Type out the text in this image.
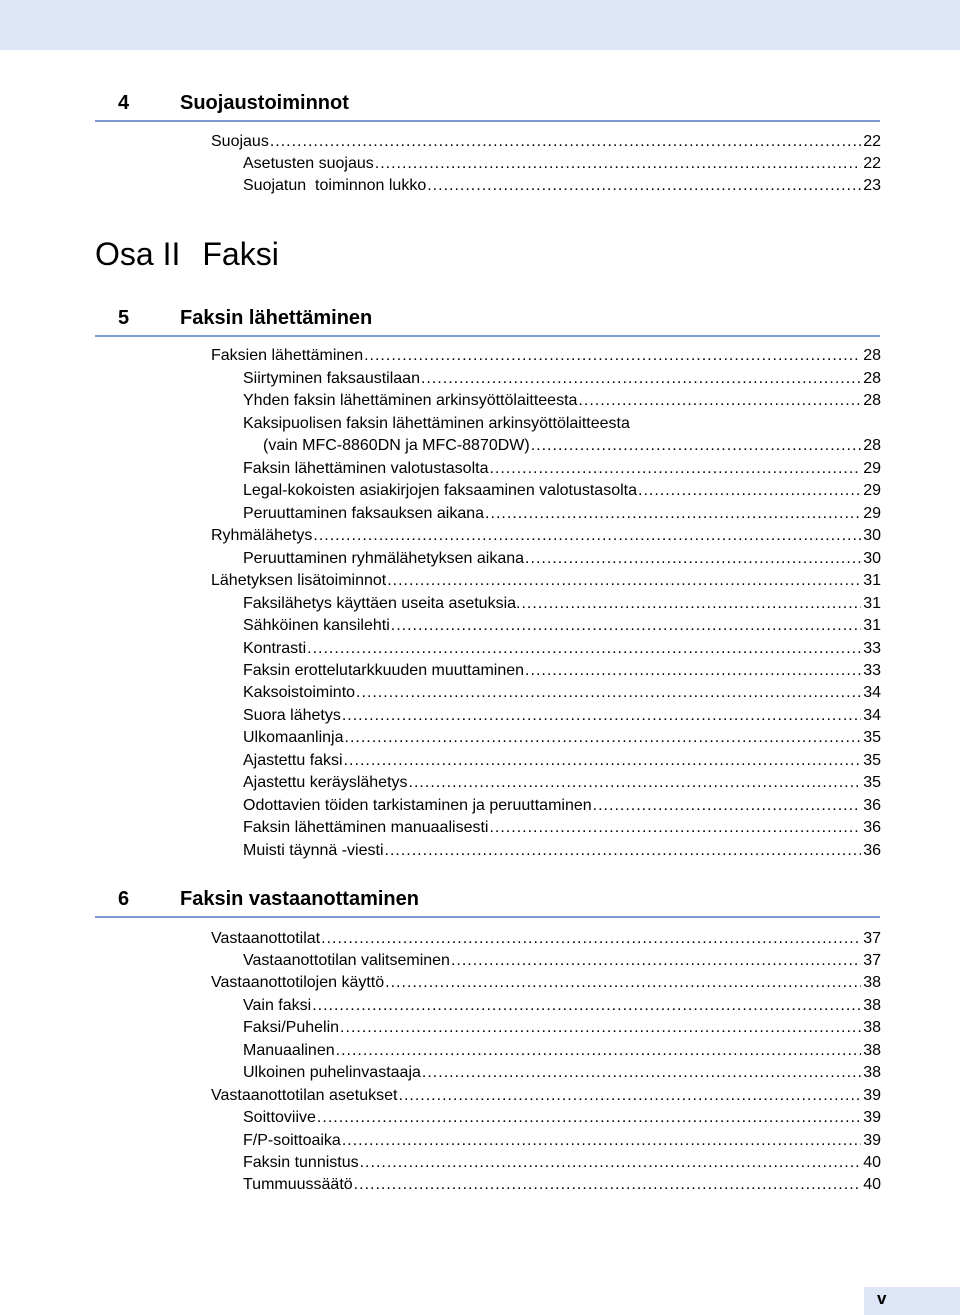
4	Suojaustoiminnot
Suojaus .....	22
Asetusten suojaus .....	22
Suojatun  toiminnon lukko .....	23
Osa II Faksi
5	Faksin lähettäminen
Faksien lähettäminen .....	28
Siirtyminen faksaustilaan .....	28
Yhden faksin lähettäminen arkinsyöttölaitteesta .....	28
Kaksipuolisen faksin lähettäminen arkinsyöttölaitteesta
(vain MFC-8860DN ja MFC-8870DW) .....	28
Faksin lähettäminen valotustasolta .....	29
Legal-kokoisten asiakirjojen faksaaminen valotustasolta .....	29
Peruuttaminen faksauksen aikana .....	29
Ryhmälähetys .....	30
Peruuttaminen ryhmälähetyksen aikana .....	30
Lähetyksen lisätoiminnot .....	31
Faksilähetys käyttäen useita asetuksia. .....	31
Sähköinen kansilehti .....	31
Kontrasti .....	33
Faksin erottelutarkkuuden muuttaminen .....	33
Kaksoistoiminto .....	34
Suora lähetys .....	34
Ulkomaanlinja .....	35
Ajastettu faksi .....	35
Ajastettu keräyslähetys .....	35
Odottavien töiden tarkistaminen ja peruuttaminen .....	36
Faksin lähettäminen manuaalisesti .....	36
Muisti täynnä -viesti .....	36
6	Faksin vastaanottaminen
Vastaanottotilat .....	37
Vastaanottotilan valitseminen .....	37
Vastaanottotilojen käyttö .....	38
Vain faksi .....	38
Faksi/Puhelin .....	38
Manuaalinen .....	38
Ulkoinen puhelinvastaaja .....	38
Vastaanottotilan asetukset .....	39
Soittoviive .....	39
F/P-soittoaika .....	39
Faksin tunnistus .....	40
Tummuussäätö .....	40
v
